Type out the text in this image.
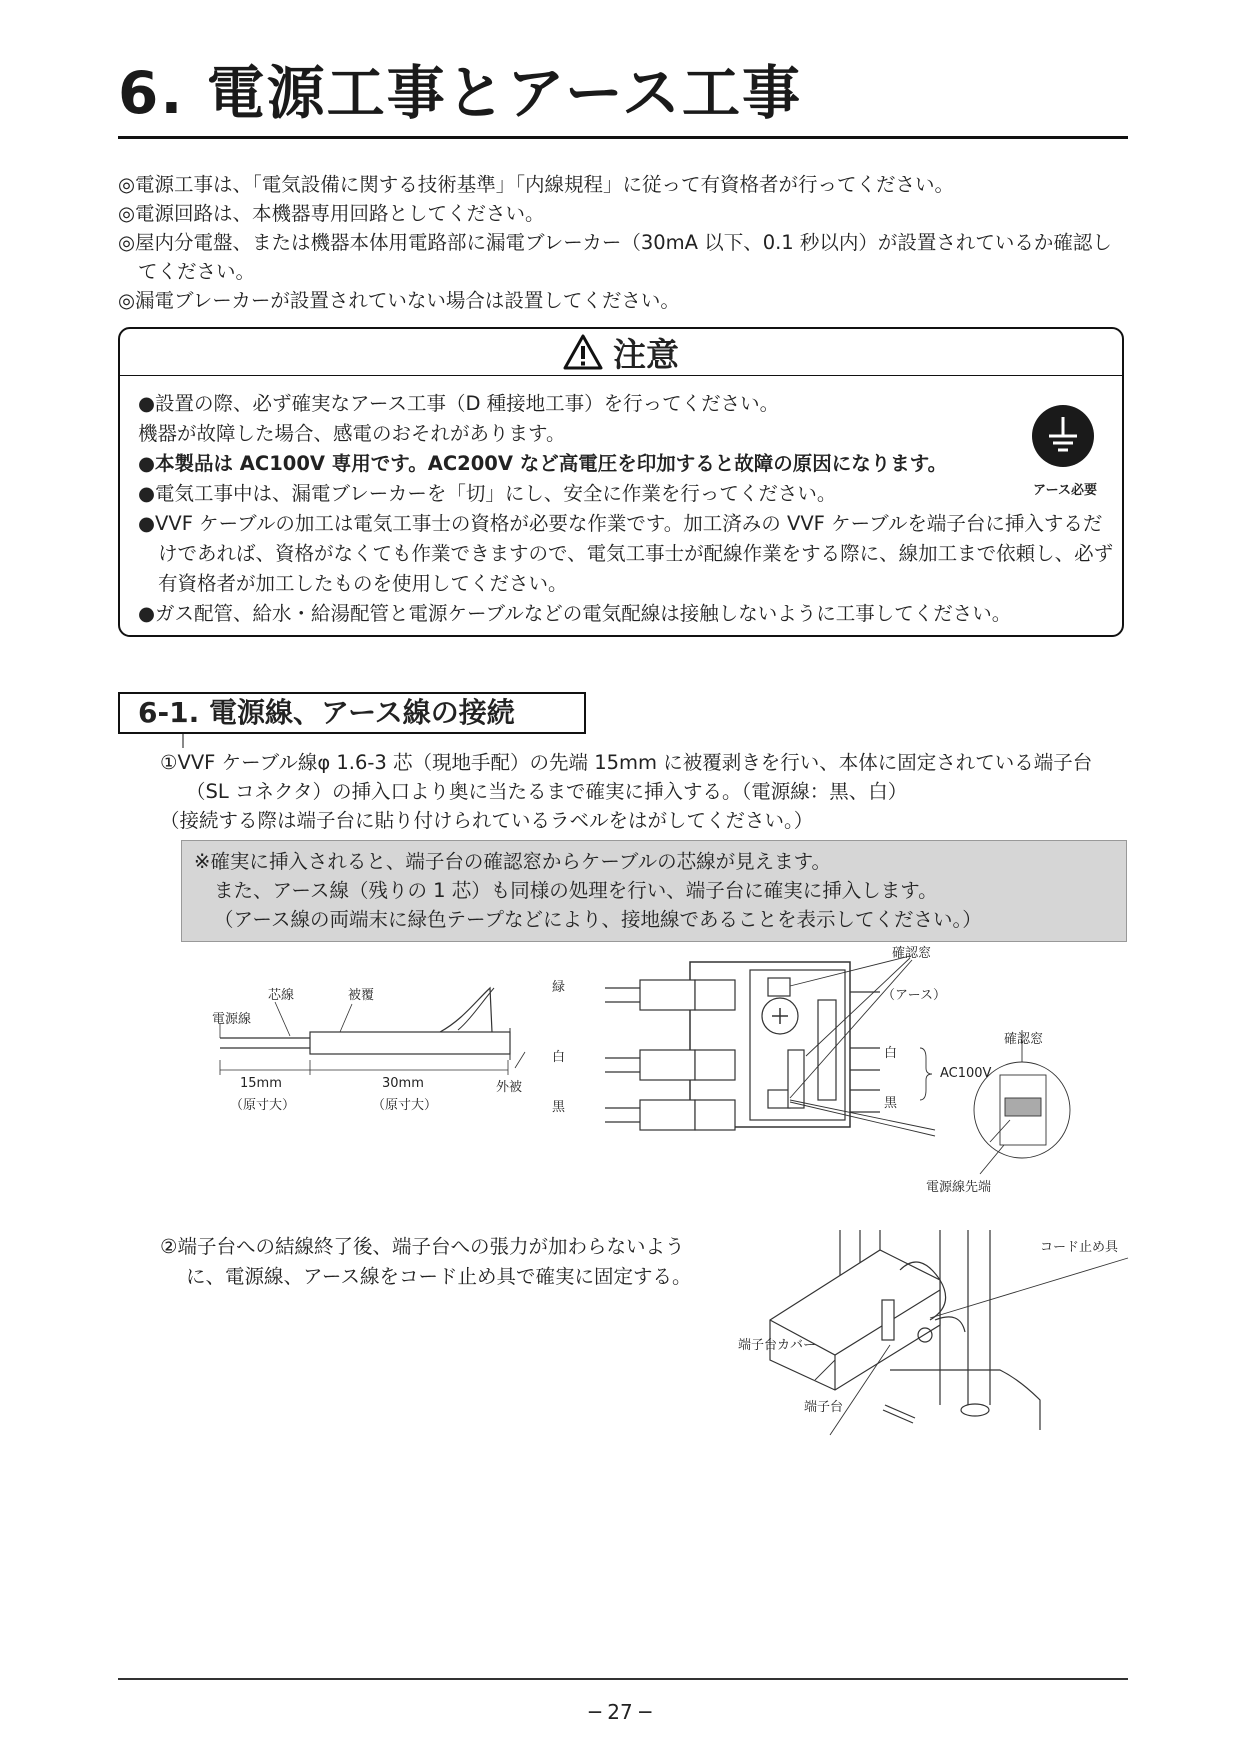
6. 電源工事とアース工事

◎電源工事は、「電気設備に関する技術基準」「内線規程」に従って有資格者が行ってください。

◎電源回路は、本機器専用回路としてください。

◎屋内分電盤、または機器本体用電路部に漏電ブレーカー（30mA 以下、0.1 秒以内）が設置されているか確認してください。

◎漏電ブレーカーが設置されていない場合は設置してください。

注意

●設置の際、必ず確実なアース工事（D 種接地工事）を行ってください。

機器が故障した場合、感電のおそれがあります。

●本製品は AC100V 専用です。AC200V など高電圧を印加すると故障の原因になります。

●電気工事中は、漏電ブレーカーを「切」にし、安全に作業を行ってください。

●VVF ケーブルの加工は電気工事士の資格が必要な作業です。加工済みの VVF ケーブルを端子台に挿入するだけであれば、資格がなくても作業できますので、電気工事士が配線作業をする際に、線加工まで依頼し、必ず有資格者が加工したものを使用してください。

●ガス配管、給水・給湯配管と電源ケーブルなどの電気配線は接触しないように工事してください。

アース必要
6-1. 電源線、アース線の接続

①VVF ケーブル線φ 1.6-3 芯（現地手配）の先端 15mm に被覆剥きを行い、本体に固定されている端子台（SL コネクタ）の挿入口より奥に当たるまで確実に挿入する。（電源線：黒、白）

（接続する際は端子台に貼り付けられているラベルをはがしてください。）

※確実に挿入されると、端子台の確認窓からケーブルの芯線が見えます。

また、アース線（残りの 1 芯）も同様の処理を行い、端子台に確実に挿入します。

（アース線の両端末に緑色テープなどにより、接地線であることを表示してください。）

芯線	被覆
電源線
15mm
（原寸大）
30mm
（原寸大）
外被
緑
白
黒
確認窓
（アース）
白
黒
AC100V
確認窓
電源線先端

②端子台への結線終了後、端子台への張力が加わらないように、電源線、アース線をコード止め具で確実に固定する。

コード止め具
端子台カバー
端子台
─ 27 ─
